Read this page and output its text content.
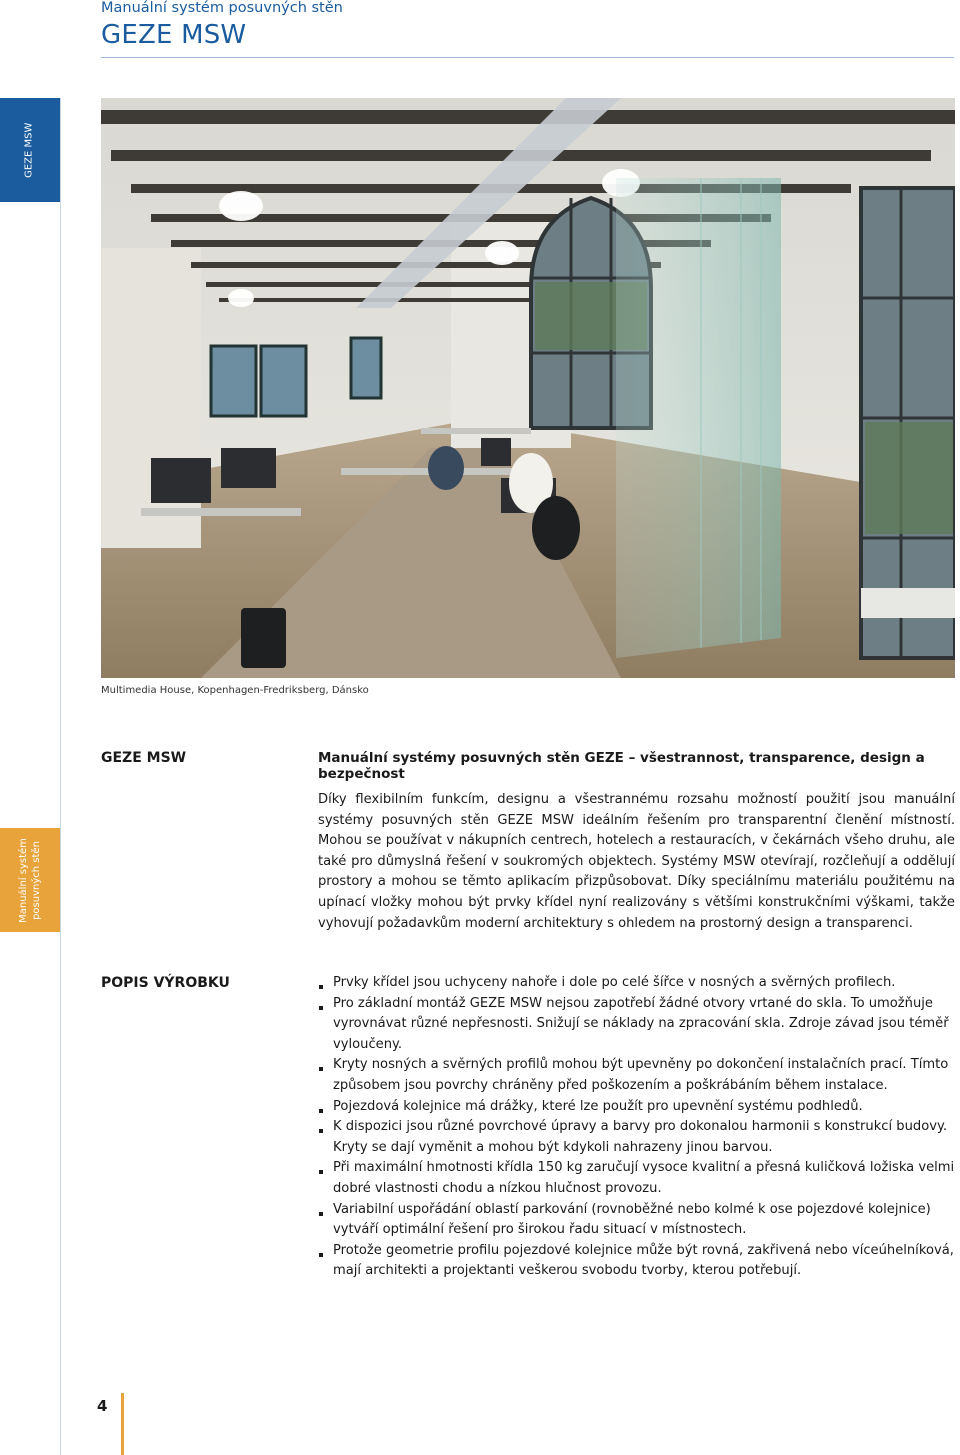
Manuální systém posuvných stěn
GEZE MSW
GEZE MSW
Manuální systém posuvných stěn
Multimedia House, Kopenhagen-Fredriksberg, Dánsko
GEZE MSW	Manuální systémy posuvných stěn GEZE – všestrannost, transparence, design a bezpečnost

Díky flexibilním funkcím, designu a všestrannému rozsahu možností použití jsou manuální systémy posuvných stěn GEZE MSW ideálním řešením pro transparentní členění místností. Mohou se používat v nákupních centrech, hotelech a restauracích, v čekárnách všeho druhu, ale také pro důmyslná řešení v soukromých objektech. Systémy MSW otevírají, rozčleňují a oddělují prostory a mohou se těmto aplikacím přizpůsobovat. Díky speciálnímu materiálu použitému na upínací vložky mohou být prvky křídel nyní realizovány s většími konstrukčními výškami, takže vyhovují požadavkům moderní architektury s ohledem na prostorný design a transparenci.

POPIS VÝROBKU	Prvky křídel jsou uchyceny nahoře i dole po celé šířce v nosných a svěrných profilech.
Pro základní montáž GEZE MSW nejsou zapotřebí žádné otvory vrtané do skla. To umožňuje vyrovnávat různé nepřesnosti. Snižují se náklady na zpracování skla. Zdroje závad jsou téměř vyloučeny.
Kryty nosných a svěrných profilů mohou být upevněny po dokončení instalačních prací. Tímto způsobem jsou povrchy chráněny před poškozením a poškrábáním během instalace.
Pojezdová kolejnice má drážky, které lze použít pro upevnění systému podhledů.
K dispozici jsou různé povrchové úpravy a barvy pro dokonalou harmonii s konstrukcí budovy. Kryty se dají vyměnit a mohou být kdykoli nahrazeny jinou barvou.
Při maximální hmotnosti křídla 150 kg zaručují vysoce kvalitní a přesná kuličková ložiska velmi dobré vlastnosti chodu a nízkou hlučnost provozu.
Variabilní uspořádání oblastí parkování (rovnoběžné nebo kolmé k ose pojezdové kolejnice) vytváří optimální řešení pro širokou řadu situací v místnostech.
Protože geometrie profilu pojezdové kolejnice může být rovná, zakřivená nebo víceúhelníková, mají architekti a projektanti veškerou svobodu tvorby, kterou potřebují.
4
